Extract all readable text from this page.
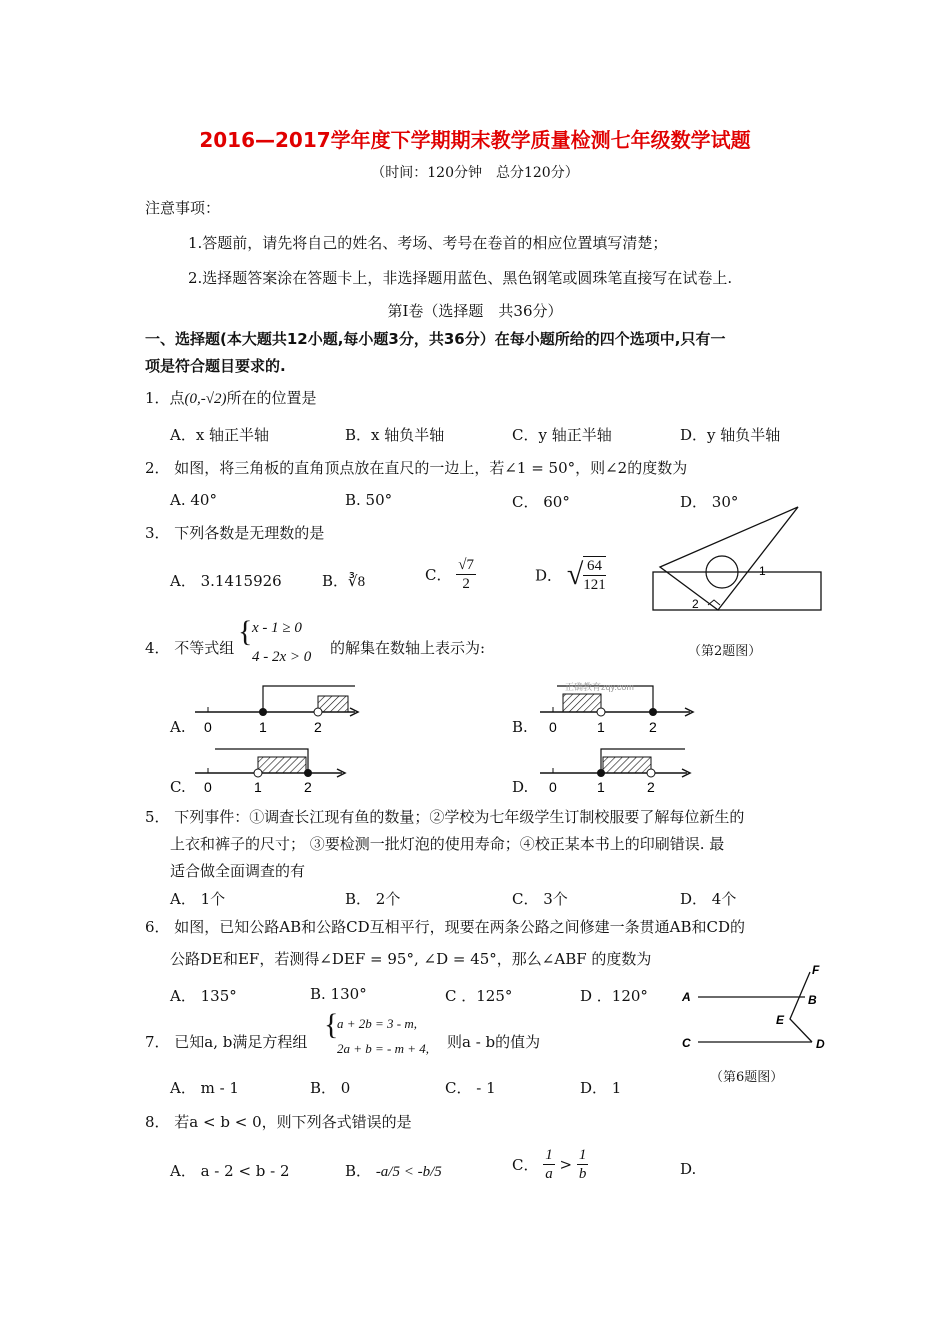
2016—2017学年度下学期期末教学质量检测七年级数学试题
（时间：120分钟　总分120分）
注意事项：
1.答题前，请先将自己的姓名、考场、考号在卷首的相应位置填写清楚；
2.选择题答案涂在答题卡上，非选择题用蓝色、黑色钢笔或圆珠笔直接写在试卷上.
第Ⅰ卷（选择题　共36分）
一、选择题(本大题共12小题,每小题3分，共36分）在每小题所给的四个选项中,只有一
项是符合题目要求的.
1．点(0,-√2)所在的位置是
A．x 轴正半轴	B．x 轴负半轴	C．y 轴正半轴	D．y 轴负半轴
2． 如图，将三角板的直角顶点放在直尺的一边上，若∠1 = 50°，则∠2的度数为
A. 40°	B. 50°	C． 60°	D． 30°
1
2
（第2题图）
3． 下列各数是无理数的是
A． 3.1415926	B．∛8	C． $\frac{√7}{2}$	D． √ $\frac{64}{121}$
4． 不等式组 { x - 1 ≥ 0
4 - 2x > 0 的解集在数轴上表示为:
A. 0	1	2	B.
正确教育zqy.com
0	1	2
C. 0	1	2	D. 0	1	2
5． 下列事件：①调查长江现有鱼的数量；②学校为七年级学生订制校服要了解每位新生的
上衣和裤子的尺寸； ③要检测一批灯泡的使用寿命；④校正某本书上的印刷错误. 最
适合做全面调查的有
A． 1个	B． 2个	C． 3个	D． 4个
6． 如图，已知公路AB和公路CD互相平行，现要在两条公路之间修建一条贯通AB和CD的
公路DE和EF，若测得∠DEF = 95°, ∠D = 45°，那么∠ABF 的度数为
A． 135°	B. 130°	C ．125°	D ．120°	A	B
C	D
E
F
（第6题图）
7． 已知a, b满足方程组
{
a + 2b = 3 - m,
2a + b = - m + 4, 则a - b的值为
A． m - 1	B． 0	C． - 1	D． 1
8． 若a < b < 0，则下列各式错误的是
A． a - 2 < b - 2	B． -a/5 < -b/5	C． $\frac{1}{a} > \frac{1}{b}$	D.
